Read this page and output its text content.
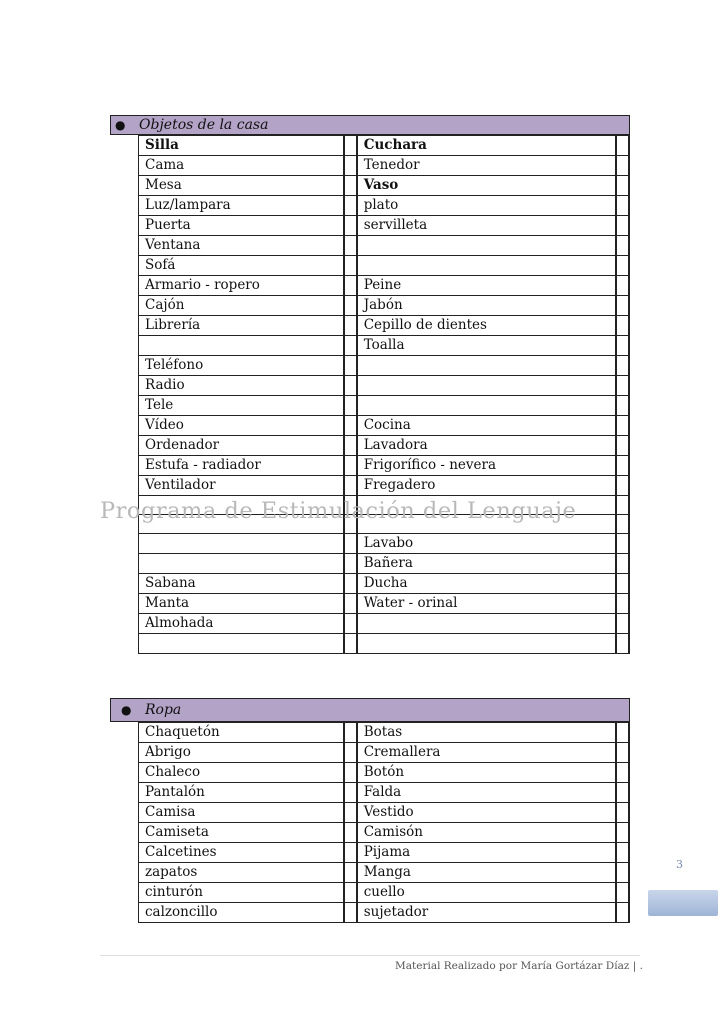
● Objetos de la casa
Silla		Cuchara	
Cama		Tenedor	
Mesa		Vaso	
Luz/lampara		plato	
Puerta		servilleta	
Ventana			
Sofá			
Armario - ropero		Peine	
Cajón		Jabón	
Librería		Cepillo de dientes	
		Toalla	
Teléfono			
Radio			
Tele			
Vídeo		Cocina	
Ordenador		Lavadora	
Estufa - radiador		Frigorífico - nevera	
Ventilador		Fregadero	

		Lavabo	
		Bañera	
Sabana		Ducha	
Manta		Water - orinal	
Almohada			

● Ropa
Chaquetón		Botas	
Abrigo		Cremallera	
Chaleco		Botón	
Pantalón		Falda	
Camisa		Vestido	
Camiseta		Camisón	
Calcetines		Pijama	
zapatos		Manga	
cinturón		cuello	
calzoncillo		sujetador	
Programa de Estimulación del Lenguaje
3
Material Realizado por María Gortázar Díaz | .
